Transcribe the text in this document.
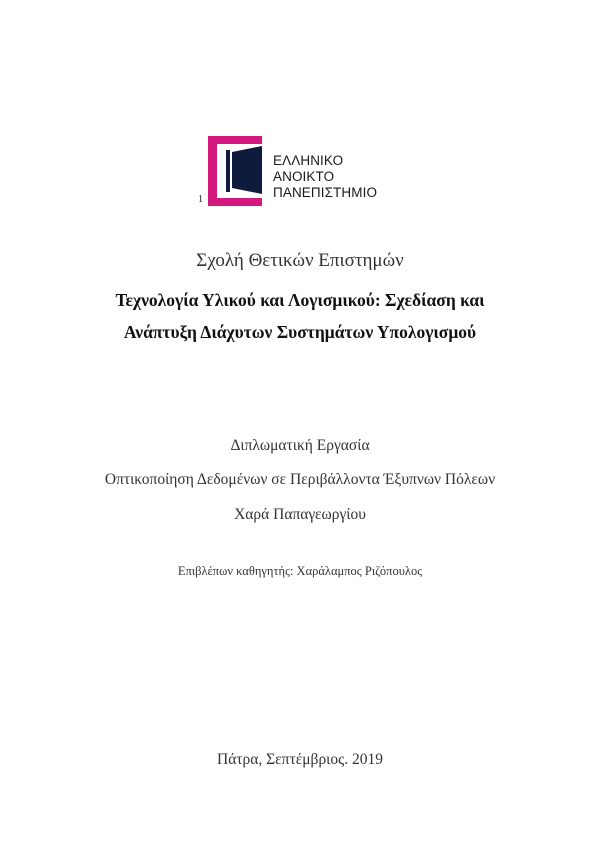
ΕΛΛΗΝΙΚΟ
ΑΝΟΙΚΤΟ
ΠΑΝΕΠΙΣΤΗΜΙΟ
1
Σχολή Θετικών Επιστημών
Τεχνολογία Υλικού και Λογισμικού: Σχεδίαση και
Ανάπτυξη Διάχυτων Συστημάτων Υπολογισμού
Διπλωματική Εργασία
Οπτικοποίηση Δεδομένων σε Περιβάλλοντα Έξυπνων Πόλεων
Χαρά Παπαγεωργίου
Επιβλέπων καθηγητής: Χαράλαμπος Ριζόπουλος
Πάτρα, Σεπτέμβριος. 2019
